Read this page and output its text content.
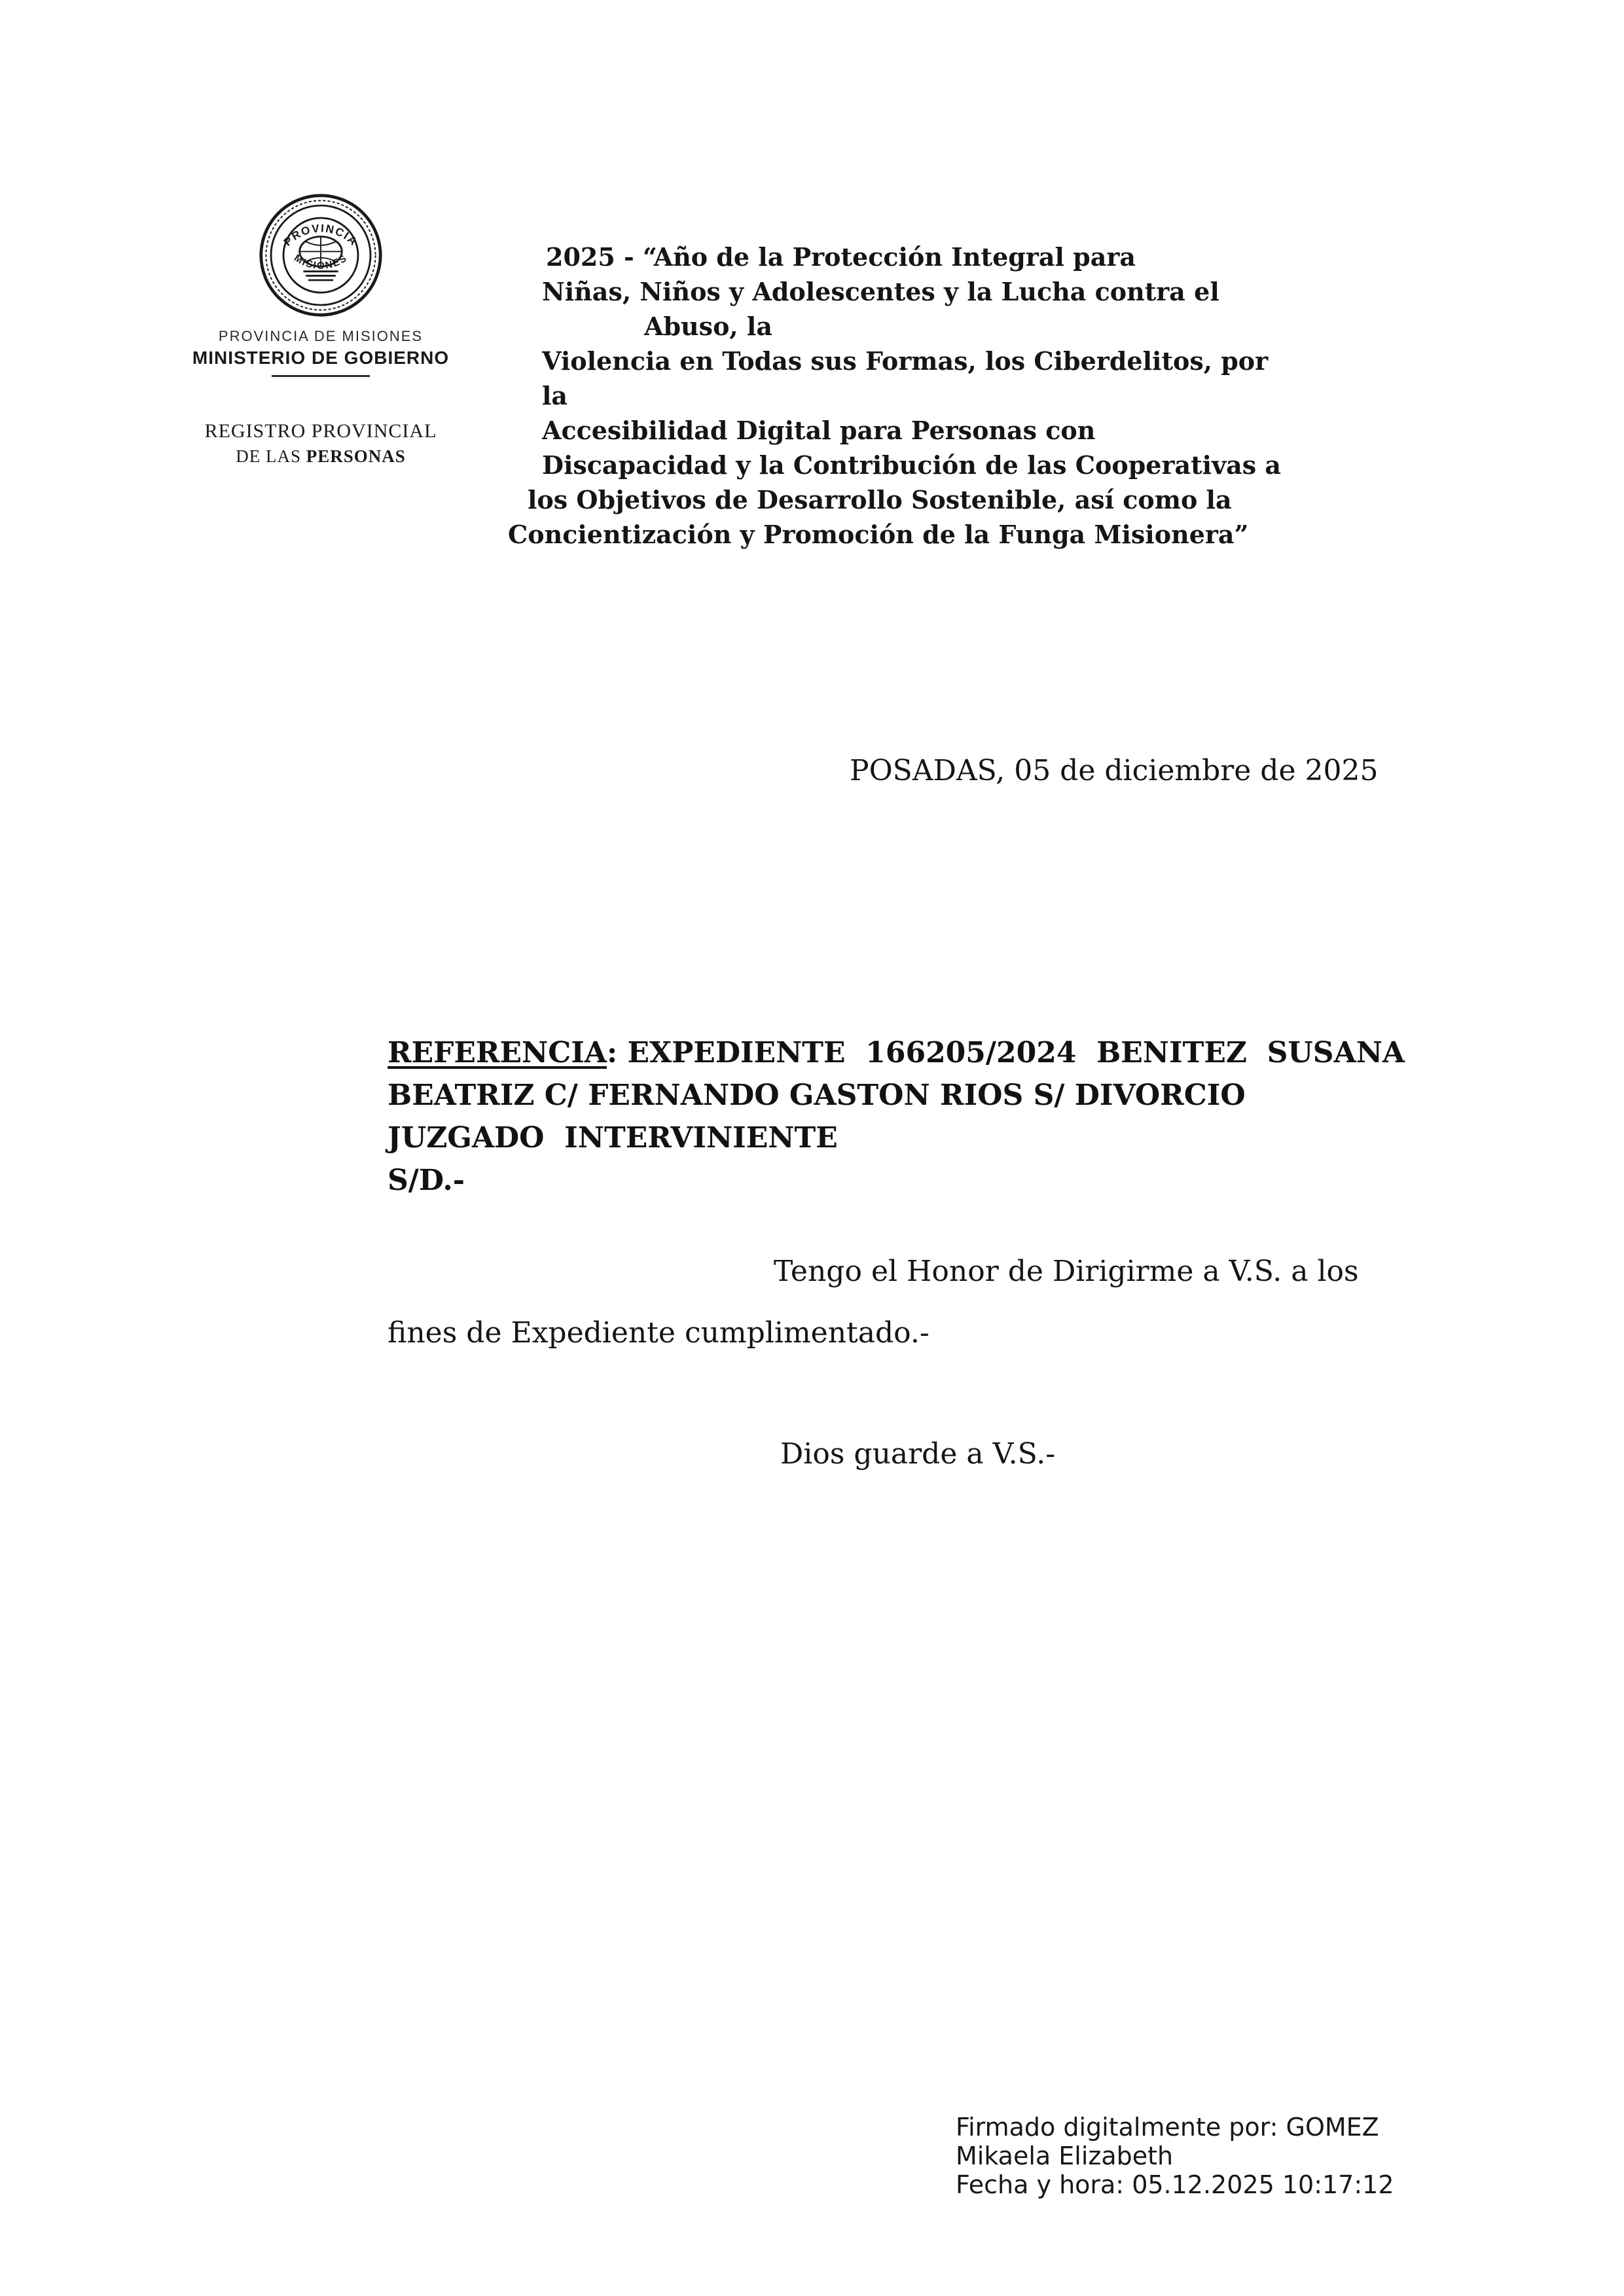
PROVINCIA
MISIONES
PROVINCIA DE MISIONES
MINISTERIO DE GOBIERNO
REGISTRO PROVINCIAL
DE LAS PERSONAS
2025 - “Año de la Protección Integral para
Niñas, Niños y Adolescentes y la Lucha contra el
Abuso, la
Violencia en Todas sus Formas, los Ciberdelitos, por
la
Accesibilidad Digital para Personas con
Discapacidad y la Contribución de las Cooperativas a
los Objetivos de Desarrollo Sostenible, así como la
Concientización y Promoción de la Funga Misionera”
POSADAS, 05 de diciembre de 2025
REFERENCIA: EXPEDIENTE  166205/2024  BENITEZ  SUSANA
BEATRIZ C/ FERNANDO GASTON RIOS S/ DIVORCIO
JUZGADO  INTERVINIENTE
S/D.-
Tengo el Honor de Dirigirme a V.S. a los
fines de Expediente cumplimentado.-
Dios guarde a V.S.-
Firmado digitalmente por: GOMEZ
Mikaela Elizabeth
Fecha y hora: 05.12.2025 10:17:12
